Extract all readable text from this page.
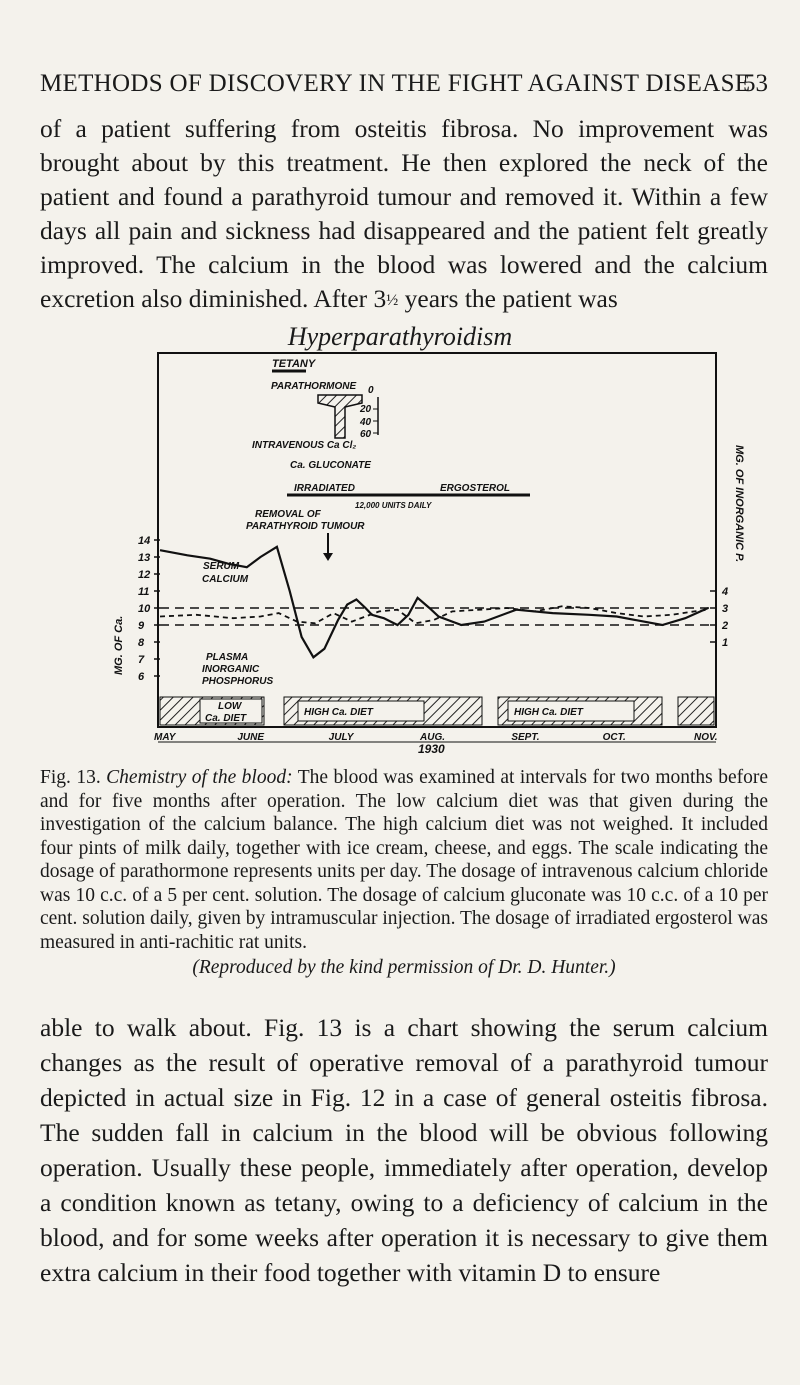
METHODS OF DISCOVERY IN THE FIGHT AGAINST DISEASE
53
of a patient suffering from osteitis fibrosa. No improvement was brought about by this treatment. He then explored the neck of the patient and found a parathyroid tumour and removed it. Within a few days all pain and sickness had disappeared and the patient felt greatly improved. The calcium in the blood was lowered and the calcium excretion also diminished. After 3½ years the patient was
Hyperparathyroidism
TETANY
PARATHORMONE 0
20
40
60
INTRAVENOUS Ca Cl₂
Ca. GLUCONATE
IRRADIATED	ERGOSTEROL
12,000 UNITS DAILY
REMOVAL OF
PARATHYROID TUMOUR
SERUM
CALCIUM
PLASMA
INORGANIC
PHOSPHORUS
LOW
Ca. DIET
HIGH Ca. DIET	HIGH Ca. DIET
MG. OF Ca.
MG. OF INORGANIC P.
1930
14
13
12
11
10
9
8
7
6
4
3
2
1
MAY	JUNE	JULY	AUG.	SEPT.	OCT.	NOV.
Fig. 13. Chemistry of the blood: The blood was examined at intervals for two months before and for five months after operation. The low calcium diet was that given during the investigation of the calcium balance. The high calcium diet was not weighed. It included four pints of milk daily, together with ice cream, cheese, and eggs. The scale indicating the dosage of parathormone represents units per day. The dosage of intravenous calcium chloride was 10 c.c. of a 5 per cent. solution. The dosage of calcium gluconate was 10 c.c. of a 10 per cent. solution daily, given by intramuscular injection. The dosage of irradiated ergosterol was measured in anti-rachitic rat units.
(Reproduced by the kind permission of Dr. D. Hunter.)
able to walk about. Fig. 13 is a chart showing the serum calcium changes as the result of operative removal of a parathyroid tumour depicted in actual size in Fig. 12 in a case of general osteitis fibrosa. The sudden fall in calcium in the blood will be obvious following operation. Usually these people, immediately after operation, develop a condition known as tetany, owing to a deficiency of calcium in the blood, and for some weeks after operation it is necessary to give them extra calcium in their food together with vitamin D to ensure
